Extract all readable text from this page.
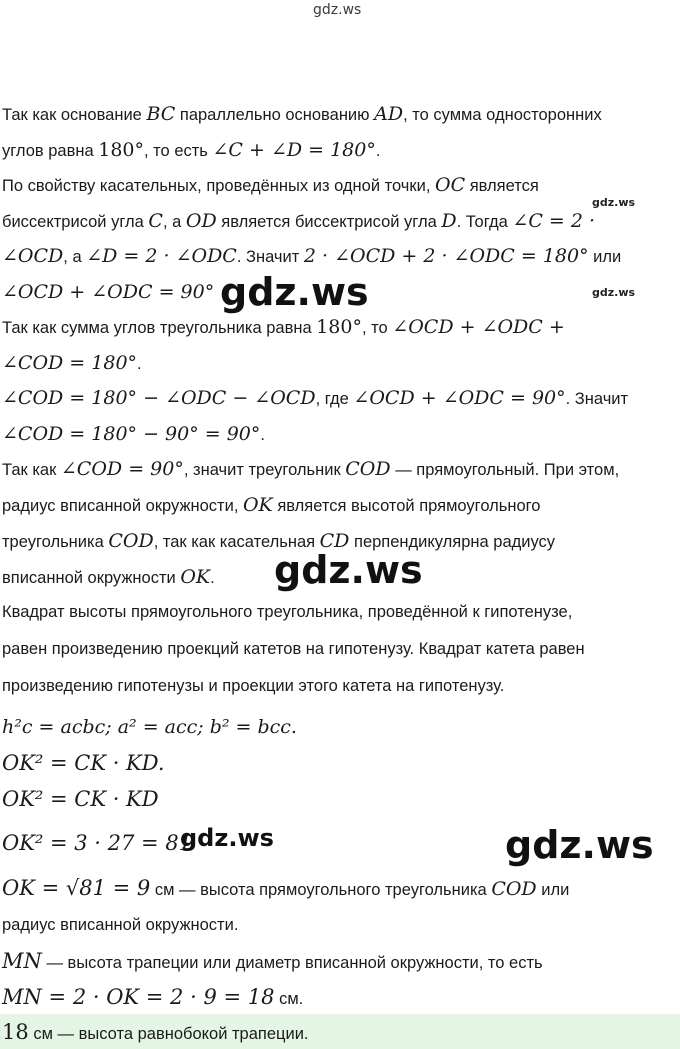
gdz.ws
Так как основание BC параллельно основанию AD, то сумма односторонних
углов равна 180°, то есть ∠C + ∠D = 180°.
По свойству касательных, проведённых из одной точки, OC является
биссектрисой угла C, а OD является биссектрисой угла D. Тогда ∠C = 2 ·
∠OCD, а ∠D = 2 · ∠ODC. Значит 2 · ∠OCD + 2 · ∠ODC = 180° или
∠OCD + ∠ODC = 90°
Так как сумма углов треугольника равна 180°, то ∠OCD + ∠ODC +
∠COD = 180°.
∠COD = 180° − ∠ODC − ∠OCD, где ∠OCD + ∠ODC = 90°. Значит
∠COD = 180° − 90° = 90°.
Так как ∠COD = 90°, значит треугольник COD — прямоугольный. При этом,
радиус вписанной окружности, OK является высотой прямоугольного
треугольника COD, так как касательная CD перпендикулярна радиусу
вписанной окружности OK.
Квадрат высоты прямоугольного треугольника, проведённой к гипотенузе,
равен произведению проекций катетов на гипотенузу. Квадрат катета равен
произведению гипотенузы и проекции этого катета на гипотенузу.
h²c = acbc; a² = acc; b² = bcc.
OK² = CK · KD.
OK² = CK · KD
OK² = 3 · 27 = 81
OK = √81 = 9 см — высота прямоугольного треугольника COD или
радиус вписанной окружности.
MN — высота трапеции или диаметр вписанной окружности, то есть
MN = 2 · OK = 2 · 9 = 18 см.
18 см — высота равнобокой трапеции.
gdz.ws
gdz.ws
gdz.ws
gdz.ws
gdz.ws	gdz.ws
